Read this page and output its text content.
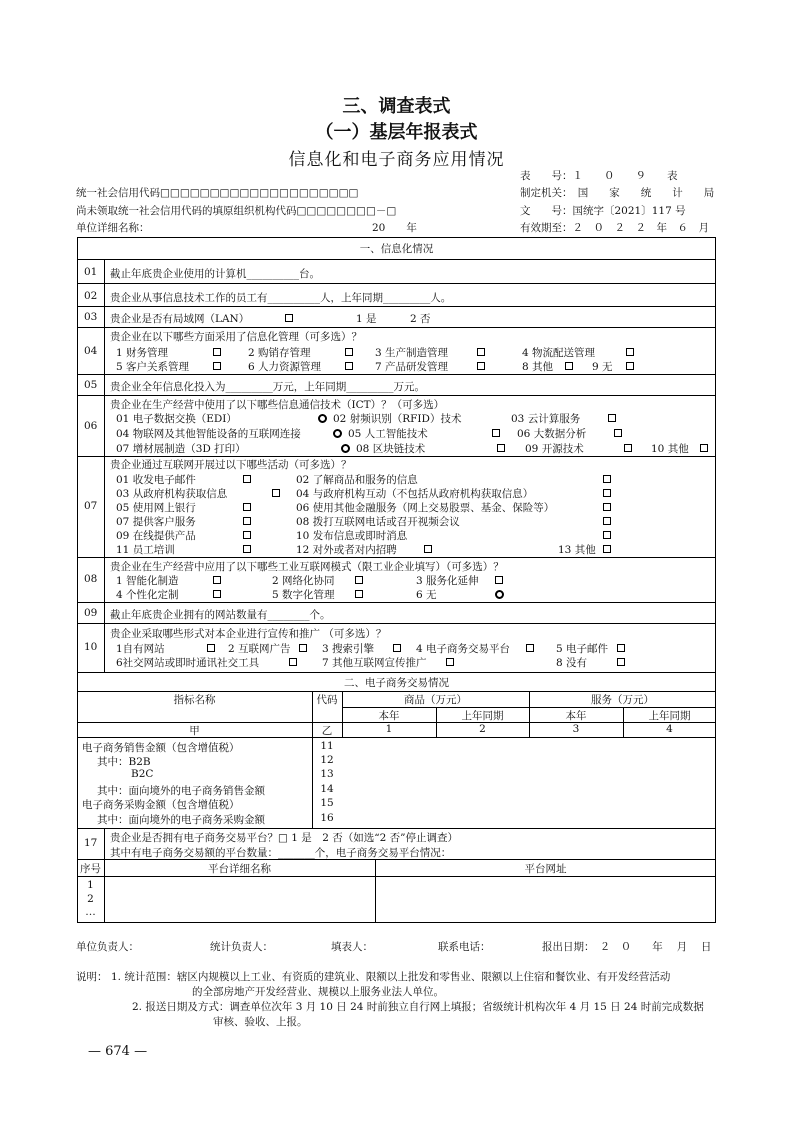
三、调查表式
（一）基层年报表式
信息化和电子商务应用情况
统一社会信用代码□□□□□□□□□□□□□□□□□□□□
尚未领取统一社会信用代码的填原组织机构代码□□□□□□□□－□
单位详细名称：	20　　年
表　　号：１　　０　　９　　表
制定机关：　国　　家　　统　　计　　局
文　　号：国统字〔2021〕117 号
有效期至：２　０　２　２　年　６　月
一、信息化情况
01 截止年底贵企业使用的计算机__________台。
02 贵企业从事信息技术工作的员工有__________人，上年同期_________人。
03 贵企业是否有局域网（LAN）	1 是	2 否
04
贵企业在以下哪些方面采用了信息化管理（可多选）？
1 财务管理	2 购销存管理	3 生产制造管理	4 物流配送管理
5 客户关系管理	6 人力资源管理	7 产品研发管理	8 其他	9 无
05 贵企业全年信息化投入为_________万元，上年同期_________万元。
06
贵企业在生产经营中使用了以下哪些信息通信技术（ICT）？（可多选）
01 电子数据交换（EDI）	02 射频识别（RFID）技术	03 云计算服务
04 物联网及其他智能设备的互联网连接	05 人工智能技术	06 大数据分析
07 增材展制造（3D 打印）	08 区块链技术	09 开源技术	10 其他
07
贵企业通过互联网开展过以下哪些活动（可多选）？
01 收发电子邮件	02 了解商品和服务的信息
03 从政府机构获取信息	04 与政府机构互动（不包括从政府机构获取信息）
05 使用网上银行	06 使用其他金融服务（网上交易股票、基金、保险等）
07 提供客户服务	08 拨打互联网电话或召开视频会议
09 在线提供产品	10 发布信息或即时消息
11 员工培训	12 对外或者对内招聘	13 其他
08
贵企业在生产经营中应用了以下哪些工业互联网模式（限工业企业填写）（可多选）？
1 智能化制造	2 网络化协同	3 服务化延伸
4 个性化定制	5 数字化管理	6 无
09 截止年底贵企业拥有的网站数量有________个。
10
贵企业采取哪些形式对本企业进行宣传和推广 （可多选）？
1自有网站	2 互联网广告	3 搜索引擎	4 电子商务交易平台	5 电子邮件
6社交网站或即时通讯社交工具	7 其他互联网宣传推广	8 没有
二、电子商务交易情况
指标名称	代码	商品（万元）	服务（万元）
本年	上年同期	本年	上年同期
甲	乙	1	2	3	4
电子商务销售金额（包含增值税）	11
其中：B2B	12
B2C	13
其中：面向境外的电子商务销售金额	14
电子商务采购金额（包含增值税）	15
其中：面向境外的电子商务采购金额	16
17 贵企业是否拥有电子商务交易平台？□ 1 是　2 否（如选“2 否”停止调查）
其中有电子商务交易额的平台数量：_______个，电子商务交易平台情况：
序号	平台详细名称	平台网址
1
2
…
单位负责人：	统计负责人：	填表人：	联系电话：	报出日期：　２　０　　年　 月　 日
说明： 1. 统计范围：辖区内规模以上工业、有资质的建筑业、限额以上批发和零售业、限额以上住宿和餐饮业、有开发经营活动
的全部房地产开发经营业、规模以上服务业法人单位。
2. 报送日期及方式：调查单位次年 3 月 10 日 24 时前独立自行网上填报；省级统计机构次年 4 月 15 日 24 时前完成数据
审核、验收、上报。
— 674 —
